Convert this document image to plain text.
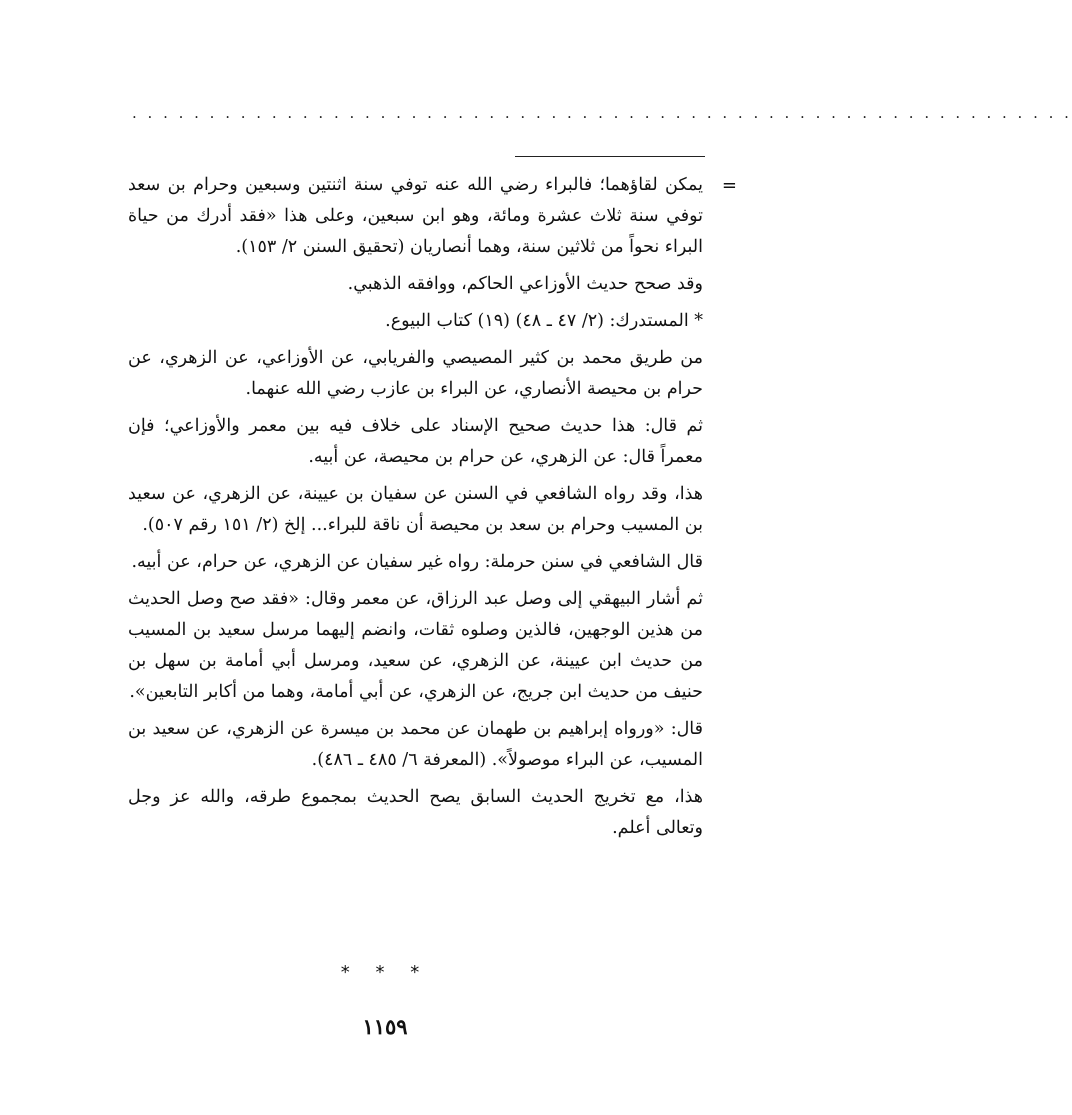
. . . . . . . . . . . . . . . . . . . . . . . . . . . . . . . . . . . . . . . . . . . . . . . . . . . . . . . . . . . . .

=
يمكن لقاؤهما؛ فالبراء رضي الله عنه توفي سنة اثنتين وسبعين وحرام بن سعد توفي سنة ثلاث عشرة ومائة، وهو ابن سبعين، وعلى هذا «فقد أدرك من حياة البراء نحواً من ثلاثين سنة، وهما أنصاريان (تحقيق السنن ٢/ ١٥٣).

وقد صحح حديث الأوزاعي الحاكم، ووافقه الذهبي.

* المستدرك: (٢/ ٤٧ ـ ٤٨) (١٩) كتاب البيوع.

من طريق محمد بن كثير المصيصي والفريابي، عن الأوزاعي، عن الزهري، عن حرام بن محيصة الأنصاري، عن البراء بن عازب رضي الله عنهما.

ثم قال: هذا حديث صحيح الإسناد على خلاف فيه بين معمر والأوزاعي؛ فإن معمراً قال: عن الزهري، عن حرام بن محيصة، عن أبيه.

هذا، وقد رواه الشافعي في السنن عن سفيان بن عيينة، عن الزهري، عن سعيد بن المسيب وحرام بن سعد بن محيصة أن ناقة للبراء... إلخ (٢/ ١٥١ رقم ٥٠٧).

قال الشافعي في سنن حرملة: رواه غير سفيان عن الزهري، عن حرام، عن أبيه.

ثم أشار البيهقي إلى وصل عبد الرزاق، عن معمر وقال: «فقد صح وصل الحديث من هذين الوجهين، فالذين وصلوه ثقات، وانضم إليهما مرسل سعيد بن المسيب من حديث ابن عيينة، عن الزهري، عن سعيد، ومرسل أبي أمامة بن سهل بن حنيف من حديث ابن جريج، عن الزهري، عن أبي أمامة، وهما من أكابر التابعين».

قال: «ورواه إبراهيم بن طهمان عن محمد بن ميسرة عن الزهري، عن سعيد بن المسيب، عن البراء موصولاً». (المعرفة ٦/ ٤٨٥ ـ ٤٨٦).

هذا، مع تخريج الحديث السابق يصح الحديث بمجموع طرقه، والله عز وجل وتعالى أعلم.

* * *
١١٥٩
